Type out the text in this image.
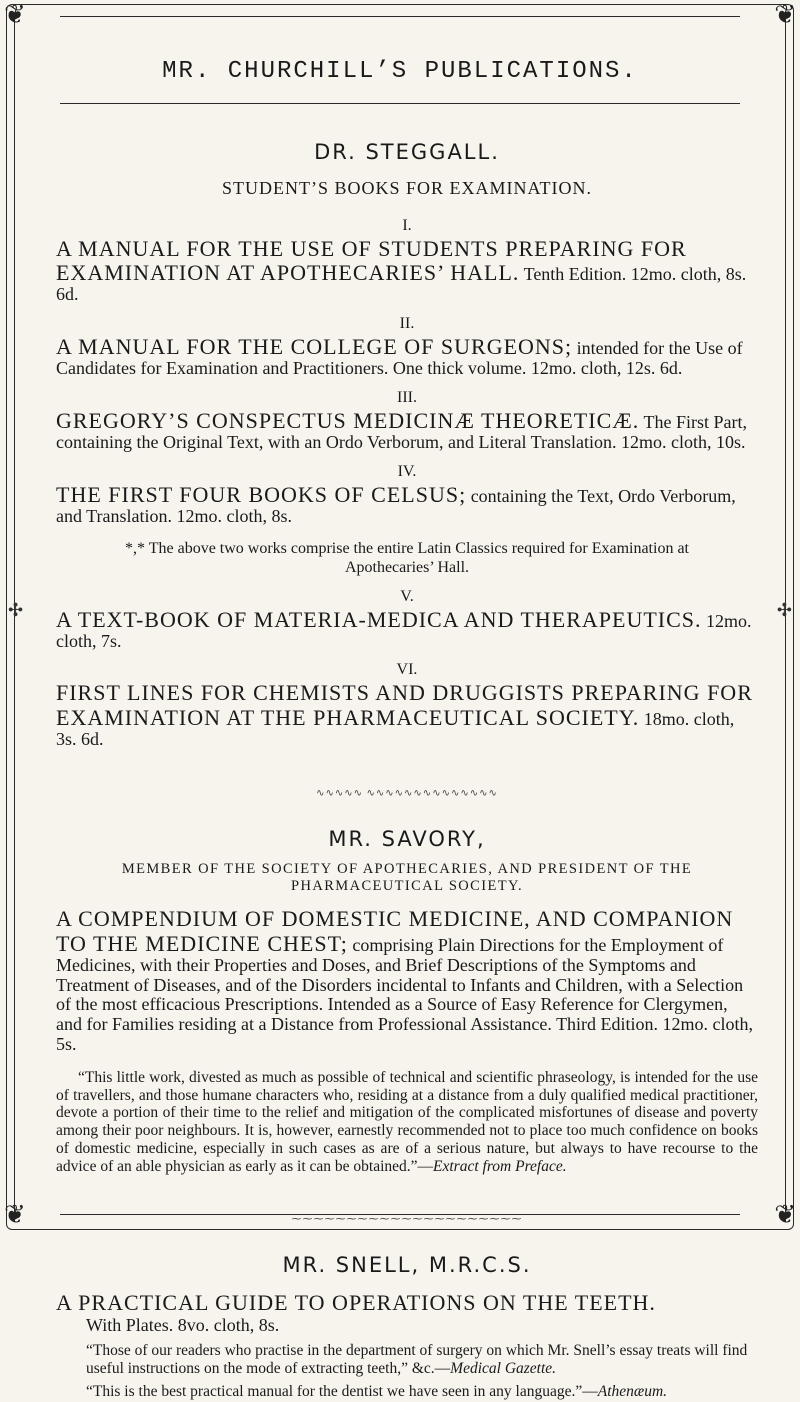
❦	❦
❦	❦
✣	✣
MR. CHURCHILL’S PUBLICATIONS.

DR. STEGGALL.

STUDENT’S BOOKS FOR EXAMINATION.

I.

A MANUAL FOR THE USE OF STUDENTS PREPARING FOR EXAMINATION AT APOTHECARIES’ HALL. Tenth Edition. 12mo. cloth, 8s. 6d.

II.

A MANUAL FOR THE COLLEGE OF SURGEONS; intended for the Use of Candidates for Examination and Practitioners. One thick volume. 12mo. cloth, 12s. 6d.

III.

GREGORY’S CONSPECTUS MEDICINÆ THEORETICÆ. The First Part, containing the Original Text, with an Ordo Verborum, and Literal Translation. 12mo. cloth, 10s.

IV.

THE FIRST FOUR BOOKS OF CELSUS; containing the Text, Ordo Verborum, and Translation. 12mo. cloth, 8s.

*,* The above two works comprise the entire Latin Classics required for Examination at Apothecaries’ Hall.

V.

A TEXT-BOOK OF MATERIA-MEDICA AND THERAPEUTICS. 12mo. cloth, 7s.

VI.

FIRST LINES FOR CHEMISTS AND DRUGGISTS PREPARING FOR EXAMINATION AT THE PHARMACEUTICAL SOCIETY. 18mo. cloth, 3s. 6d.

∿∿∿∿∿ ∿∿∿∿∿∿∿∿∿∿∿∿∿∿

MR. SAVORY,

MEMBER OF THE SOCIETY OF APOTHECARIES, AND PRESIDENT OF THE PHARMACEUTICAL SOCIETY.

A COMPENDIUM OF DOMESTIC MEDICINE, AND COMPANION TO THE MEDICINE CHEST; comprising Plain Directions for the Employment of Medicines, with their Properties and Doses, and Brief Descriptions of the Symptoms and Treatment of Diseases, and of the Disorders incidental to Infants and Children, with a Selection of the most efficacious Prescriptions. Intended as a Source of Easy Reference for Clergymen, and for Families residing at a Distance from Professional Assistance. Third Edition. 12mo. cloth, 5s.

“This little work, divested as much as possible of technical and scientific phraseology, is intended for the use of travellers, and those humane characters who, residing at a distance from a duly qualified medical practitioner, devote a portion of their time to the relief and mitigation of the complicated misfortunes of disease and poverty among their poor neighbours. It is, however, earnestly recommended not to place too much confidence on books of domestic medicine, especially in such cases as are of a serious nature, but always to have recourse to the advice of an able physician as early as it can be obtained.”—Extract from Preface.

⁓⁓⁓⁓⁓⁓⁓⁓⁓⁓⁓⁓⁓⁓⁓⁓⁓⁓⁓⁓⁓

MR. SNELL, M.R.C.S.

A PRACTICAL GUIDE TO OPERATIONS ON THE TEETH.

With Plates. 8vo. cloth, 8s.

“Those of our readers who practise in the department of surgery on which Mr. Snell’s essay treats will find useful instructions on the mode of extracting teeth,” &c.—Medical Gazette.

“This is the best practical manual for the dentist we have seen in any language.”—Athenæum.
